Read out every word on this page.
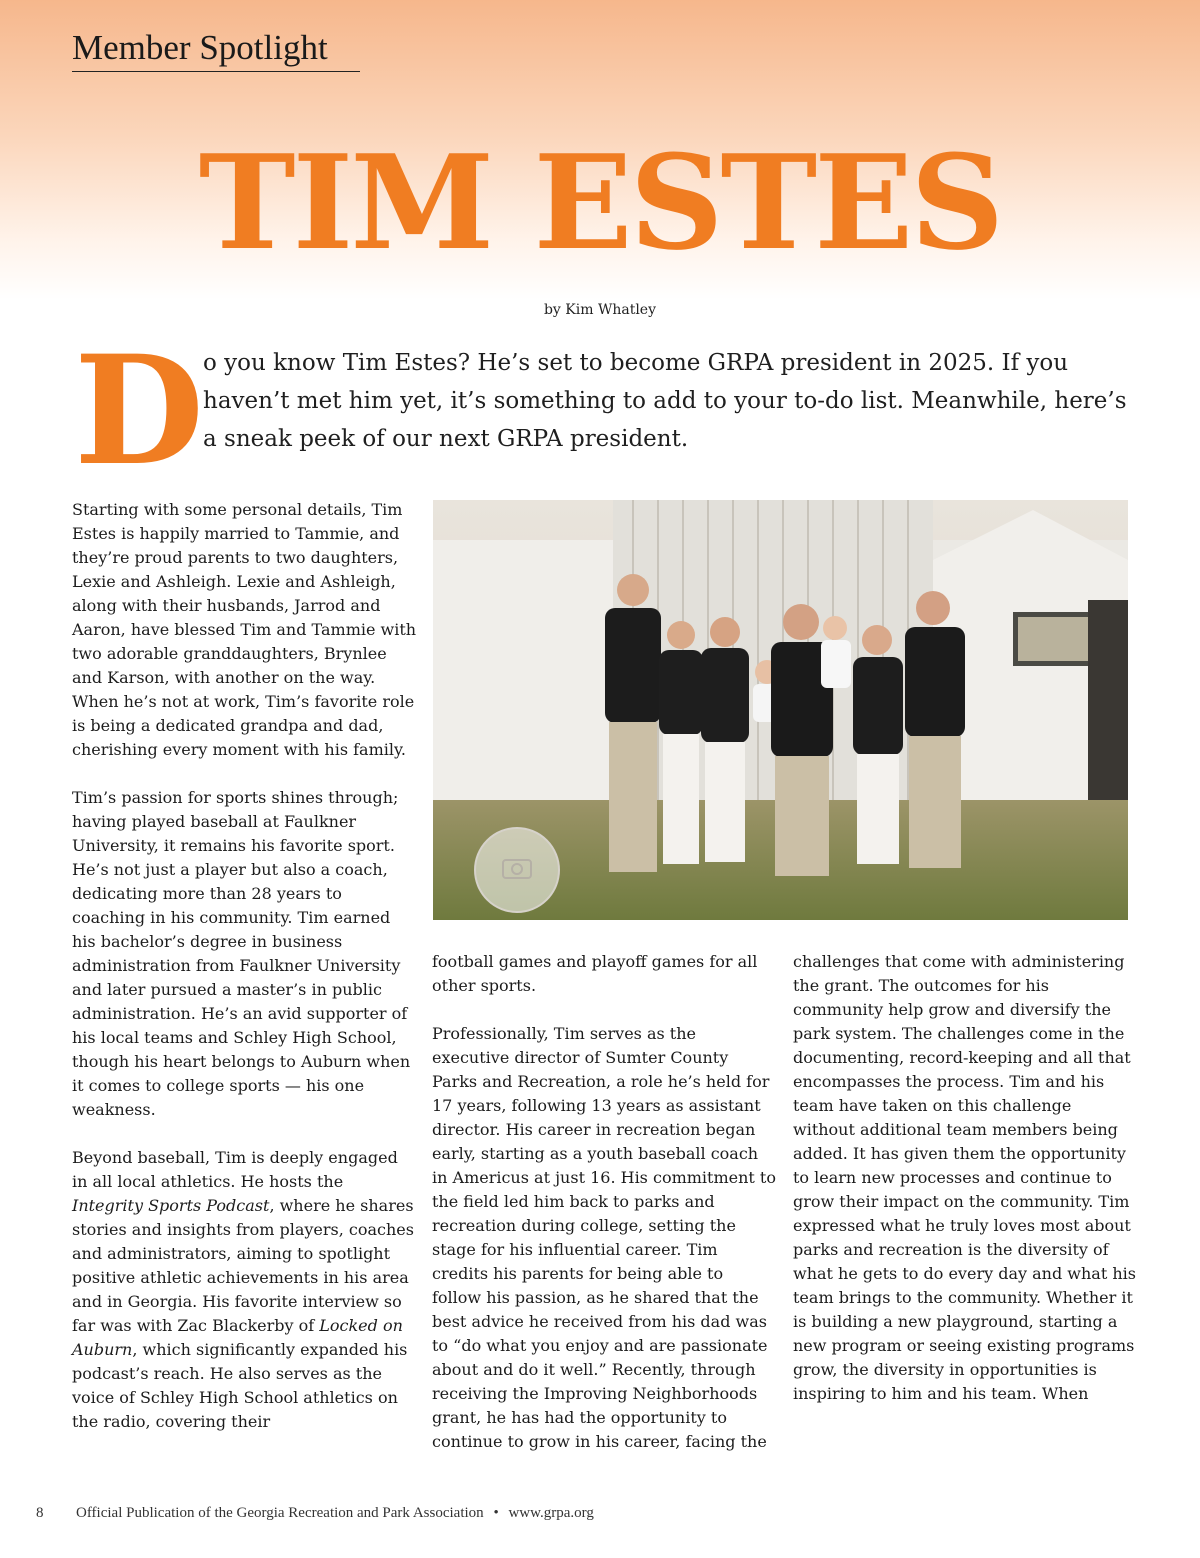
Member Spotlight
TIM ESTES
by Kim Whatley
D
o you know Tim Estes? He’s set to become GRPA president in 2025. If you haven’t met him yet, it’s something to add to your to-do list. Meanwhile, here’s a sneak peek of our next GRPA president.

Starting with some personal details, Tim Estes is happily married to Tammie, and they’re proud parents to two daughters, Lexie and Ashleigh. Lexie and Ashleigh, along with their husbands, Jarrod and Aaron, have blessed Tim and Tammie with two adorable granddaughters, Brynlee and Karson, with another on the way. When he’s not at work, Tim’s favorite role is being a dedicated grandpa and dad, cherishing every moment with his family.

Tim’s passion for sports shines through; having played baseball at Faulkner University, it remains his favorite sport. He’s not just a player but also a coach, dedicating more than 28 years to coaching in his community. Tim earned his bachelor’s degree in business administration from Faulkner University and later pursued a master’s in public administration. He’s an avid supporter of his local teams and Schley High School, though his heart belongs to Auburn when it comes to college sports — his one weakness.

Beyond baseball, Tim is deeply engaged in all local athletics. He hosts the Integrity Sports Podcast, where he shares stories and insights from players, coaches and administrators, aiming to spotlight positive athletic achievements in his area and in Georgia. His favorite interview so far was with Zac Blackerby of Locked on Auburn, which significantly expanded his podcast’s reach. He also serves as the voice of Schley High School athletics on the radio, covering their

football games and playoff games for all other sports.

Professionally, Tim serves as the executive director of Sumter County Parks and Recreation, a role he’s held for 17 years, following 13 years as assistant director. His career in recreation began early, starting as a youth baseball coach in Americus at just 16. His commitment to the field led him back to parks and recreation during college, setting the stage for his influential career. Tim credits his parents for being able to follow his passion, as he shared that the best advice he received from his dad was to “do what you enjoy and are passionate about and do it well.” Recently, through receiving the Improving Neighborhoods grant, he has had the opportunity to continue to grow in his career, facing the

challenges that come with administering the grant. The outcomes for his community help grow and diversify the park system. The challenges come in the documenting, record-keeping and all that encompasses the process. Tim and his team have taken on this challenge without additional team members being added. It has given them the opportunity to learn new processes and continue to grow their impact on the community. Tim expressed what he truly loves most about parks and recreation is the diversity of what he gets to do every day and what his team brings to the community. Whether it is building a new playground, starting a new program or seeing existing programs grow, the diversity in opportunities is inspiring to him and his team. When

8 Official Publication of the Georgia Recreation and Park Association • www.grpa.org
